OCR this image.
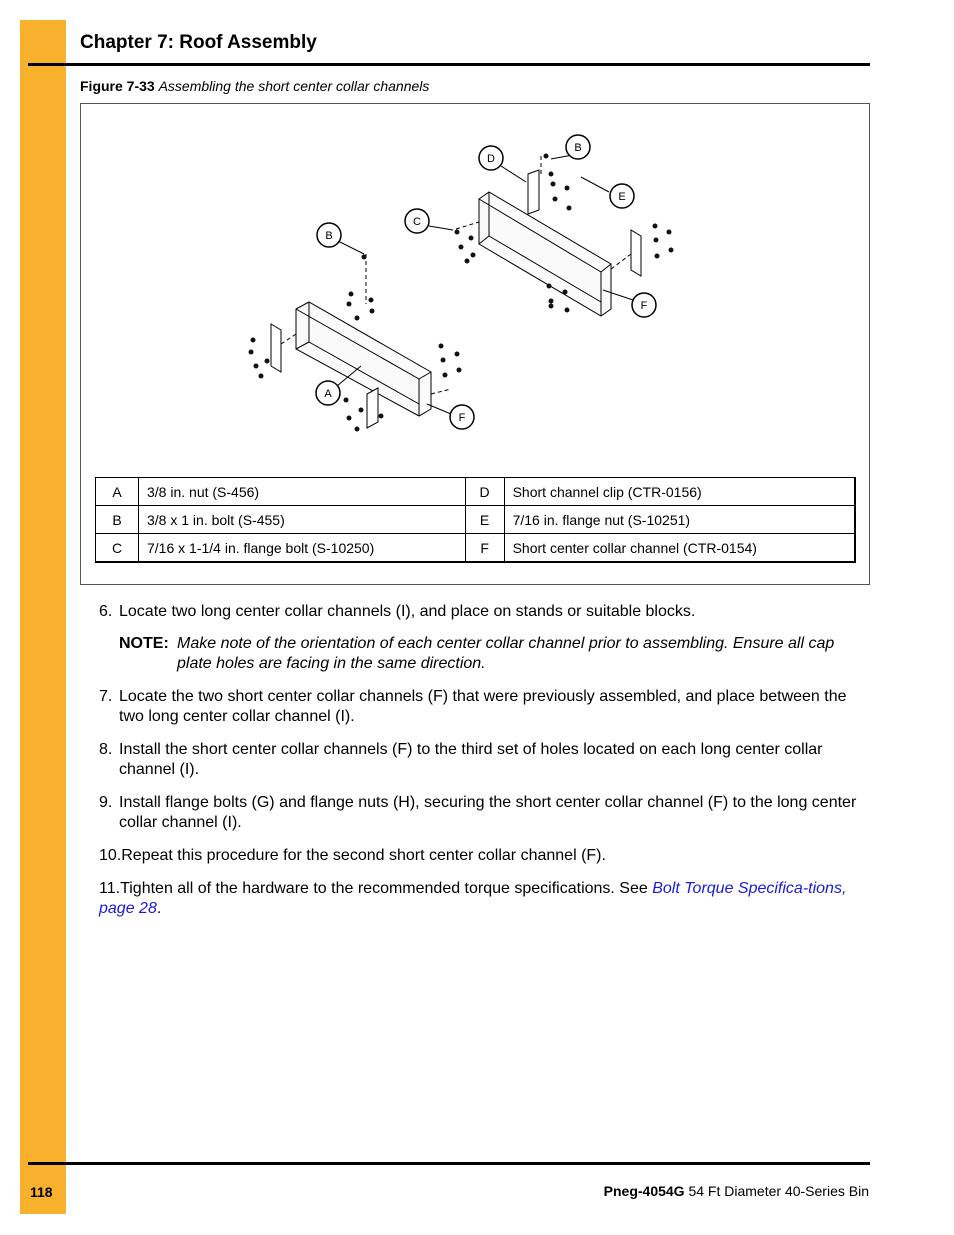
Chapter 7: Roof Assembly
Figure 7-33 Assembling the short center collar channels
D
B
E
C
B
F
A
F
A	3/8 in. nut (S-456)	D	Short channel clip (CTR-0156)
B	3/8 x 1 in. bolt (S-455)	E	7/16 in. flange nut (S-10251)
C	7/16 x 1-1/4 in. flange bolt (S-10250)	F	Short center collar channel (CTR-0154)
6. Locate two long center collar channels (I), and place on stands or suitable blocks.
NOTE: Make note of the orientation of each center collar channel prior to assembling. Ensure all cap plate holes are facing in the same direction.
7. Locate the two short center collar channels (F) that were previously assembled, and place between the two long center collar channel (I).
8. Install the short center collar channels (F) to the third set of holes located on each long center collar channel (I).
9. Install flange bolts (G) and flange nuts (H), securing the short center collar channel (F) to the long center collar channel (I).
10.Repeat this procedure for the second short center collar channel (F).
11.Tighten all of the hardware to the recommended torque specifications. See Bolt Torque Specifica-tions, page 28.
118	Pneg-4054G 54 Ft Diameter 40-Series Bin
